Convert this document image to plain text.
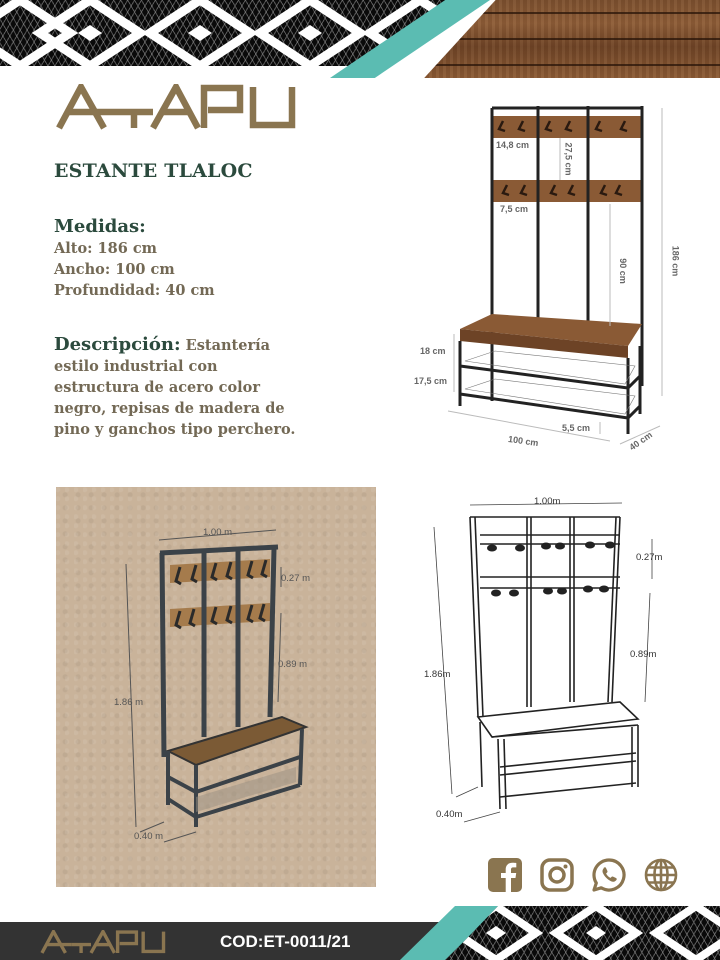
ESTANTE TLALOC
Medidas:
Alto: 186 cm
Ancho: 100 cm
Profundidad: 40 cm
Descripción: Estantería estilo industrial con estructura de acero color negro, repisas de madera de pino y ganchos tipo perchero.
14,8 cm	27,5 cm
7,5 cm
90 cm	186 cm
18 cm
17,5 cm
5,5 cm
100 cm	40 cm
1.00 m
0.27 m
0.89 m
1.86 m
0.40 m
1.00m
0.27m
0.89m
1.86m
0.40m
COD:ET-0011/21
